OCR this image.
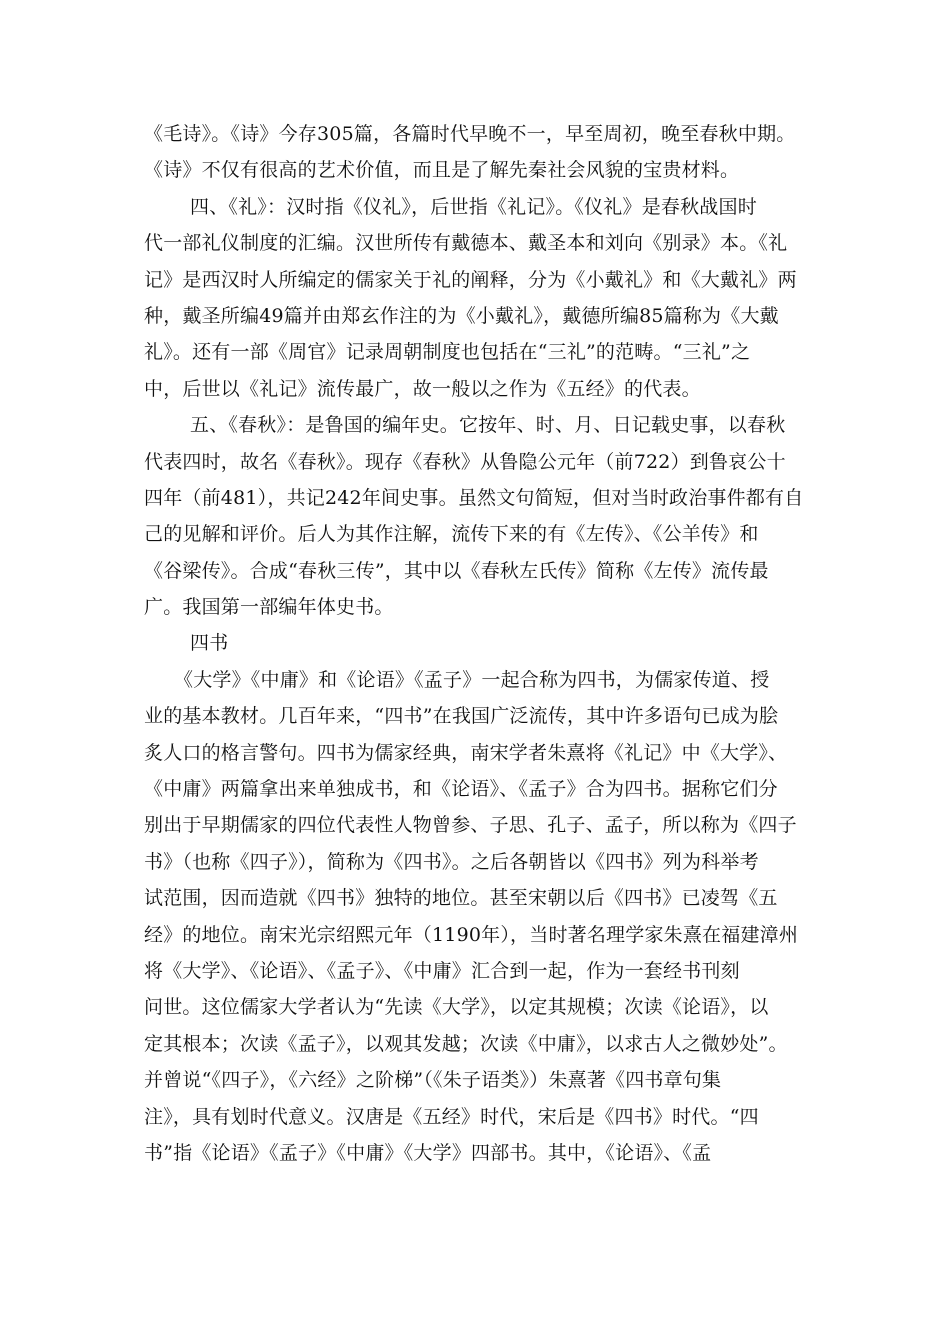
《毛诗》。《诗》今存305篇，各篇时代早晚不一，早至周初，晚至春秋中期。
《诗》不仅有很高的艺术价值，而且是了解先秦社会风貌的宝贵材料。
四、《礼》：汉时指《仪礼》，后世指《礼记》。《仪礼》是春秋战国时
代一部礼仪制度的汇编。汉世所传有戴德本、戴圣本和刘向《别录》本。《礼
记》是西汉时人所编定的儒家关于礼的阐释，分为《小戴礼》和《大戴礼》两
种，戴圣所编49篇并由郑玄作注的为《小戴礼》，戴德所编85篇称为《大戴
礼》。还有一部《周官》记录周朝制度也包括在“三礼”的范畴。“三礼”之
中，后世以《礼记》流传最广，故一般以之作为《五经》的代表。
五、《春秋》：是鲁国的编年史。它按年、时、月、日记载史事，以春秋
代表四时，故名《春秋》。现存《春秋》从鲁隐公元年（前722）到鲁哀公十
四年（前481），共记242年间史事。虽然文句简短，但对当时政治事件都有自
己的见解和评价。后人为其作注解，流传下来的有《左传》、《公羊传》和
《谷梁传》。合成“春秋三传”，其中以《春秋左氏传》简称《左传》流传最
广。我国第一部编年体史书。
四书
《大学》《中庸》和《论语》《孟子》一起合称为四书，为儒家传道、授
业的基本教材。几百年来，“四书”在我国广泛流传，其中许多语句已成为脍
炙人口的格言警句。四书为儒家经典，南宋学者朱熹将《礼记》中《大学》、
《中庸》两篇拿出来单独成书，和《论语》、《孟子》合为四书。据称它们分
别出于早期儒家的四位代表性人物曾参、子思、孔子、孟子，所以称为《四子
书》（也称《四子》），简称为《四书》。之后各朝皆以《四书》列为科举考
试范围，因而造就《四书》独特的地位。甚至宋朝以后《四书》已凌驾《五
经》的地位。南宋光宗绍熙元年（1190年），当时著名理学家朱熹在福建漳州
将《大学》、《论语》、《孟子》、《中庸》汇合到一起，作为一套经书刊刻
问世。这位儒家大学者认为“先读《大学》，以定其规模；次读《论语》，以
定其根本；次读《孟子》，以观其发越；次读《中庸》，以求古人之微妙处”。
并曾说“《四子》，《六经》之阶梯”（《朱子语类》）朱熹著《四书章句集
注》，具有划时代意义。汉唐是《五经》时代，宋后是《四书》时代。“四
书”指《论语》《孟子》《中庸》《大学》四部书。其中，《论语》、《孟
